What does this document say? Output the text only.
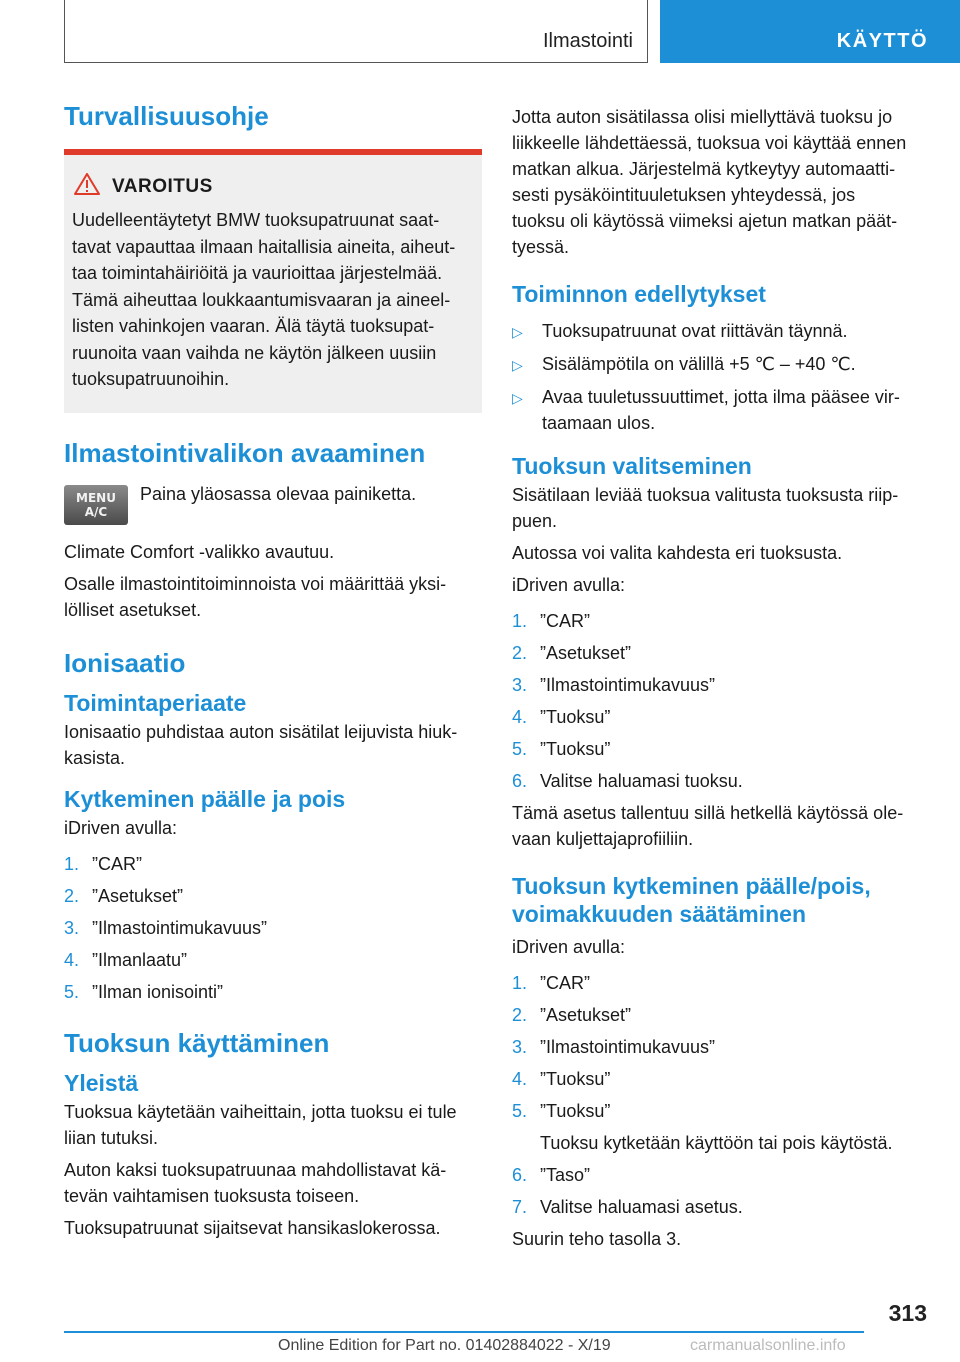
Ilmastointi	KÄYTTÖ
Turvallisuusohje
VAROITUS

Uudelleentäytetyt BMW tuoksupatruunat saat-

tavat vapauttaa ilmaan haitallisia aineita, aiheut-

taa toimintahäiriöitä ja vaurioittaa järjestelmää.

Tämä aiheuttaa loukkaantumisvaaran ja aineel-

listen vahinkojen vaaran. Älä täytä tuoksupat-

ruunoita vaan vaihda ne käytön jälkeen uusiin

tuoksupatruunoihin.

Ilmastointivalikon avaaminen
MENU
A/C

Paina yläosassa olevaa painiketta.

Climate Comfort -valikko avautuu.

Osalle ilmastointitoiminnoista voi määrittää yksi-

lölliset asetukset.

Ionisaatio
Toimintaperiaate

Ionisaatio puhdistaa auton sisätilat leijuvista hiuk-

kasista.

Kytkeminen päälle ja pois

iDriven avulla:

1. ”CAR”
2. ”Asetukset”
3. ”Ilmastointimukavuus”
4. ”Ilmanlaatu”
5. ”Ilman ionisointi”
Tuoksun käyttäminen
Yleistä

Tuoksua käytetään vaiheittain, jotta tuoksu ei tule

liian tutuksi.

Auton kaksi tuoksupatruunaa mahdollistavat kä-

tevän vaihtamisen tuoksusta toiseen.

Tuoksupatruunat sijaitsevat hansikaslokerossa.

Jotta auton sisätilassa olisi miellyttävä tuoksu jo

liikkeelle lähdettäessä, tuoksua voi käyttää ennen

matkan alkua. Järjestelmä kytkeytyy automaatti-

sesti pysäköintituuletuksen yhteydessä, jos

tuoksu oli käytössä viimeksi ajetun matkan päät-

tyessä.

Toiminnon edellytykset
▷	Tuoksupatruunat ovat riittävän täynnä.
▷	Sisälämpötila on välillä +5 ℃ – +40 ℃.
▷	Avaa tuuletussuuttimet, jotta ilma pääsee vir-
taamaan ulos.
Tuoksun valitseminen

Sisätilaan leviää tuoksua valitusta tuoksusta riip-

puen.

Autossa voi valita kahdesta eri tuoksusta.

iDriven avulla:

1. ”CAR”
2. ”Asetukset”
3. ”Ilmastointimukavuus”
4. ”Tuoksu”
5. ”Tuoksu”
6. Valitse haluamasi tuoksu.

Tämä asetus tallentuu sillä hetkellä käytössä ole-

vaan kuljettajaprofiiliin.

Tuoksun kytkeminen päälle/pois,
voimakkuuden säätäminen

iDriven avulla:

1. ”CAR”
2. ”Asetukset”
3. ”Ilmastointimukavuus”
4. ”Tuoksu”
5. ”Tuoksu”
Tuoksu kytketään käyttöön tai pois käytöstä.
6. ”Taso”
7. Valitse haluamasi asetus.

Suurin teho tasolla 3.

313
Online Edition for Part no. 01402884022 - X/19	carmanualsonline.info
